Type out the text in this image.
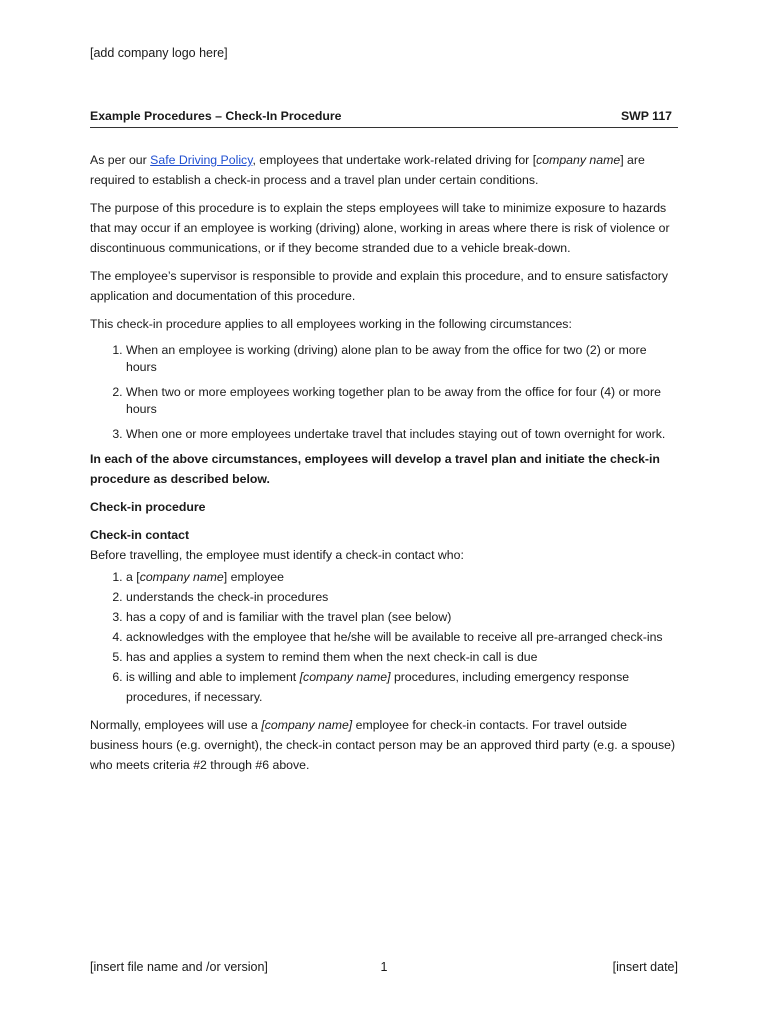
[add company logo here]
Example Procedures – Check-In Procedure	SWP 117

As per our Safe Driving Policy, employees that undertake work-related driving for [company name] are required to establish a check-in process and a travel plan under certain conditions.

The purpose of this procedure is to explain the steps employees will take to minimize exposure to hazards that may occur if an employee is working (driving) alone, working in areas where there is risk of violence or discontinuous communications, or if they become stranded due to a vehicle break-down.

The employee’s supervisor is responsible to provide and explain this procedure, and to ensure satisfactory application and documentation of this procedure.

This check-in procedure applies to all employees working in the following circumstances:

1. When an employee is working (driving) alone plan to be away from the office for two (2) or more hours
2. When two or more employees working together plan to be away from the office for four (4) or more hours
3. When one or more employees undertake travel that includes staying out of town overnight for work.

In each of the above circumstances, employees will develop a travel plan and initiate the check-in procedure as described below.

Check-in procedure

Check-in contact

Before travelling, the employee must identify a check-in contact who:

1. a [company name] employee
2. understands the check-in procedures
3. has a copy of and is familiar with the travel plan (see below)
4. acknowledges with the employee that he/she will be available to receive all pre-arranged check-ins
5. has and applies a system to remind them when the next check-in call is due
6. is willing and able to implement [company name] procedures, including emergency response procedures, if necessary.

Normally, employees will use a [company name] employee for check-in contacts. For travel outside business hours (e.g. overnight), the check-in contact person may be an approved third party (e.g. a spouse) who meets criteria #2 through #6 above.

[insert file name and /or version]	1	[insert date]
